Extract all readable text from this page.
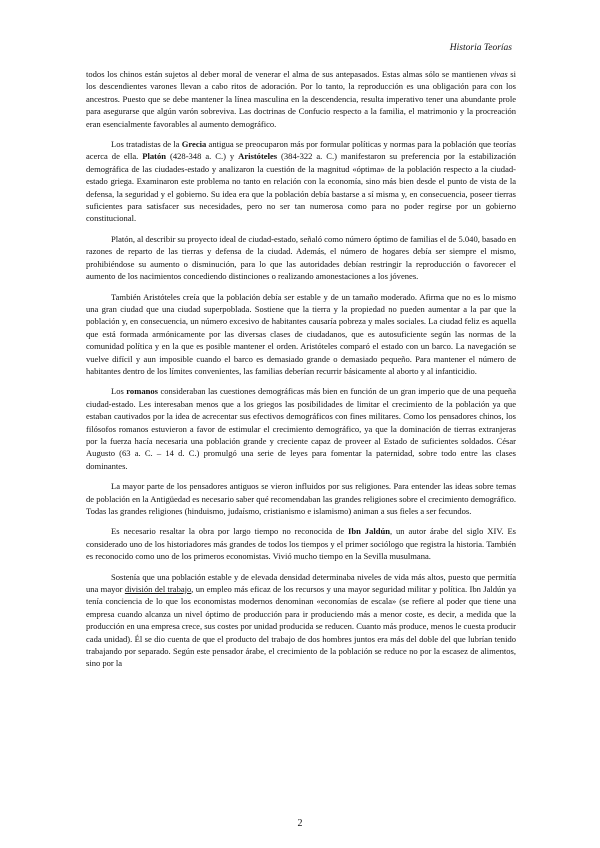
Historia Teorías

todos los chinos están sujetos al deber moral de venerar el alma de sus antepasados. Estas almas sólo se mantienen vivas si los descendientes varones llevan a cabo ritos de adoración. Por lo tanto, la reproducción es una obligación para con los ancestros. Puesto que se debe mantener la línea masculina en la descendencia, resulta imperativo tener una abundante prole para asegurarse que algún varón sobreviva. Las doctrinas de Confucio respecto a la familia, el matrimonio y la procreación eran esencialmente favorables al aumento demográfico.

Los tratadistas de la Grecia antigua se preocuparon más por formular políticas y normas para la población que teorías acerca de ella. Platón (428-348 a. C.) y Aristóteles (384-322 a. C.) manifestaron su preferencia por la estabilización demográfica de las ciudades-estado y analizaron la cuestión de la magnitud «óptima» de la población respecto a la ciudad-estado griega. Examinaron este problema no tanto en relación con la economía, sino más bien desde el punto de vista de la defensa, la seguridad y el gobierno. Su idea era que la población debía bastarse a sí misma y, en consecuencia, poseer tierras suficientes para satisfacer sus necesidades, pero no ser tan numerosa como para no poder regirse por un gobierno constitucional.

Platón, al describir su proyecto ideal de ciudad-estado, señaló como número óptimo de familias el de 5.040, basado en razones de reparto de las tierras y defensa de la ciudad. Además, el número de hogares debía ser siempre el mismo, prohibiéndose su aumento o disminución, para lo que las autoridades debían restringir la reproducción o favorecer el aumento de los nacimientos concediendo distinciones o realizando amonestaciones a los jóvenes.

También Aristóteles creía que la población debía ser estable y de un tamaño moderado. Afirma que no es lo mismo una gran ciudad que una ciudad superpoblada. Sostiene que la tierra y la propiedad no pueden aumentar a la par que la población y, en consecuencia, un número excesivo de habitantes causaría pobreza y males sociales. La ciudad feliz es aquella que está formada armónicamente por las diversas clases de ciudadanos, que es autosuficiente según las normas de la comunidad política y en la que es posible mantener el orden. Aristóteles comparó el estado con un barco. La navegación se vuelve difícil y aun imposible cuando el barco es demasiado grande o demasiado pequeño. Para mantener el número de habitantes dentro de los límites convenientes, las familias deberían recurrir básicamente al aborto y al infanticidio.

Los romanos consideraban las cuestiones demográficas más bien en función de un gran imperio que de una pequeña ciudad-estado. Les interesaban menos que a los griegos las posibilidades de limitar el crecimiento de la población ya que estaban cautivados por la idea de acrecentar sus efectivos demográficos con fines militares. Como los pensadores chinos, los filósofos romanos estuvieron a favor de estimular el crecimiento demográfico, ya que la dominación de tierras extranjeras por la fuerza hacía necesaria una población grande y creciente capaz de proveer al Estado de suficientes soldados. César Augusto (63 a. C. – 14 d. C.) promulgó una serie de leyes para fomentar la paternidad, sobre todo entre las clases dominantes.

La mayor parte de los pensadores antiguos se vieron influidos por sus religiones. Para entender las ideas sobre temas de población en la Antigüedad es necesario saber qué recomendaban las grandes religiones sobre el crecimiento demográfico. Todas las grandes religiones (hinduismo, judaísmo, cristianismo e islamismo) animan a sus fieles a ser fecundos.

Es necesario resaltar la obra por largo tiempo no reconocida de Ibn Jaldún, un autor árabe del siglo XIV. Es considerado uno de los historiadores más grandes de todos los tiempos y el primer sociólogo que registra la historia. También es reconocido como uno de los primeros economistas. Vivió mucho tiempo en la Sevilla musulmana.

Sostenía que una población estable y de elevada densidad determinaba niveles de vida más altos, puesto que permitía una mayor división del trabajo, un empleo más eficaz de los recursos y una mayor seguridad militar y política. Ibn Jaldún ya tenía conciencia de lo que los economistas modernos denominan «economías de escala» (se refiere al poder que tiene una empresa cuando alcanza un nivel óptimo de producción para ir produciendo más a menor coste, es decir, a medida que la producción en una empresa crece, sus costes por unidad producida se reducen. Cuanto más produce, menos le cuesta producir cada unidad). Él se dio cuenta de que el producto del trabajo de dos hombres juntos era más del doble del que lubrían tenido trabajando por separado. Según este pensador árabe, el crecimiento de la población se reduce no por la escasez de alimentos, sino por la

2
